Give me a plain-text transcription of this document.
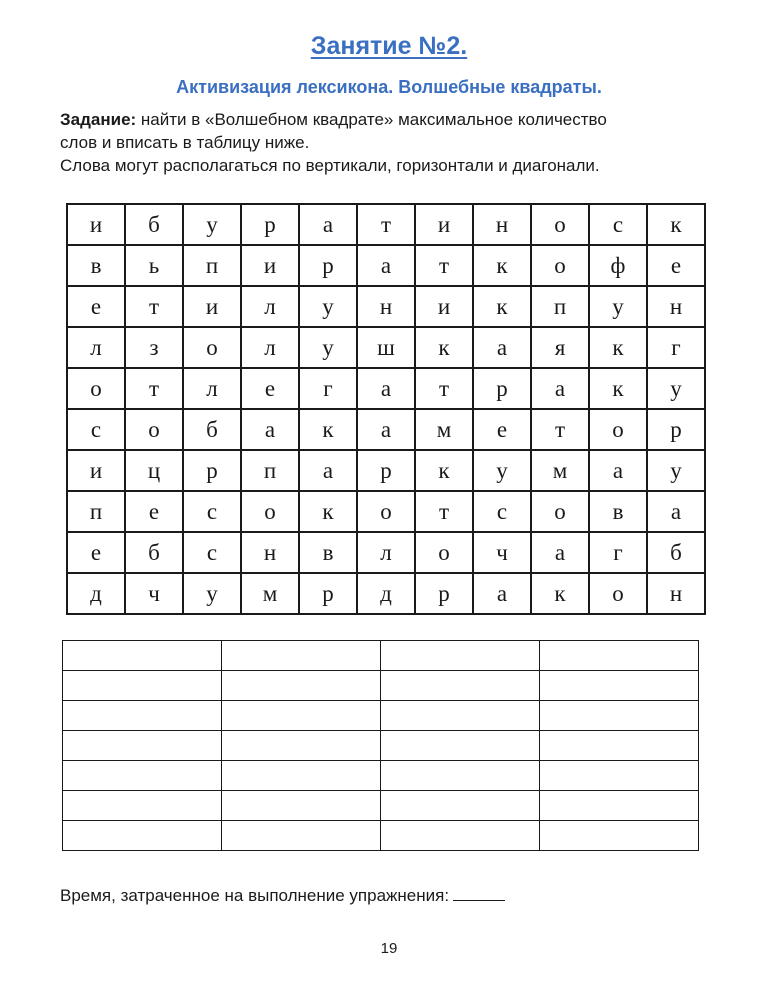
Занятие №2.
Активизация лексикона. Волшебные квадраты.

Задание: найти в «Волшебном квадрате» максимальное количество

слов и вписать в таблицу ниже.

Слова могут располагаться по вертикали, горизонтали и диагонали.

и	б	у	р	а	т	и	н	о	с	к
в	ь	п	и	р	а	т	к	о	ф	е
е	т	и	л	у	н	и	к	п	у	н
л	з	о	л	у	ш	к	а	я	к	г
о	т	л	е	г	а	т	р	а	к	у
с	о	б	а	к	а	м	е	т	о	р
и	ц	р	п	а	р	к	у	м	а	у
п	е	с	о	к	о	т	с	о	в	а
е	б	с	н	в	л	о	ч	а	г	б
д	ч	у	м	р	д	р	а	к	о	н

Время, затраченное на выполнение упражнения:
19
